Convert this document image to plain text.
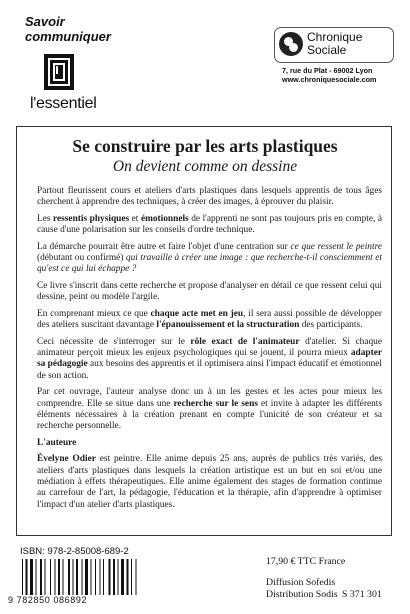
Savoir
communiquer
l'essentiel
Chronique
Sociale
7, rue du Plat - 69002 Lyon
www.chroniquesociale.com
Se construire par les arts plastiques
On devient comme on dessine

Partout fleurissent cours et ateliers d'arts plastiques dans lesquels apprentis de tous âges cherchent à apprendre des techniques, à créer des images, à éprouver du plaisir.

Les ressentis physiques et émotionnels de l'apprenti ne sont pas toujours pris en compte, à cause d'une polarisation sur les conseils d'ordre technique.

La démarche pourrait être autre et faire l'objet d'une centration sur ce que ressent le peintre (débutant ou confirmé) qui travaille à créer une image : que recherche-t-il consciemment et qu'est ce qui lui échappe ?

Ce livre s'inscrit dans cette recherche et propose d'analyser en détail ce que ressent celui qui dessine, peint ou modèle l'argile.

En comprenant mieux ce que chaque acte met en jeu, il sera aussi possible de développer des ateliers suscitant davantage l'épanouissement et la structuration des participants.

Ceci nécessite de s'interroger sur le rôle exact de l'animateur d'atelier. Si chaque animateur perçoit mieux les enjeux psychologiques qui se jouent, il pourra mieux adapter sa pédagogie aux besoins des apprentis et il optimisera ainsi l'impact éducatif et émotionnel de son action.

Par cet ouvrage, l'auteur analyse donc un à un les gestes et les actes pour mieux les comprendre. Elle se situe dans une recherche sur le sens et invite à adapter les différents éléments nécessaires à la création prenant en compte l'unicité de son créateur et sa recherche personnelle.

L'auteure

Évelyne Odier est peintre. Elle anime depuis 25 ans, auprès de publics très variés, des ateliers d'arts plastiques dans lesquels la création artistique est un but en soi et/ou une médiation à effets thérapeutiques. Elle anime également des stages de formation continue au carrefour de l'art, la pédagogie, l'éducation et la thérapie, afin d'apprendre à optimiser l'impact d'un atelier d'arts plastiques.

ISBN: 978-2-85008-689-2
9 782850 086892
17,90 € TTC France
Diffusion Sofedis
Distribution Sodis S 371 301
